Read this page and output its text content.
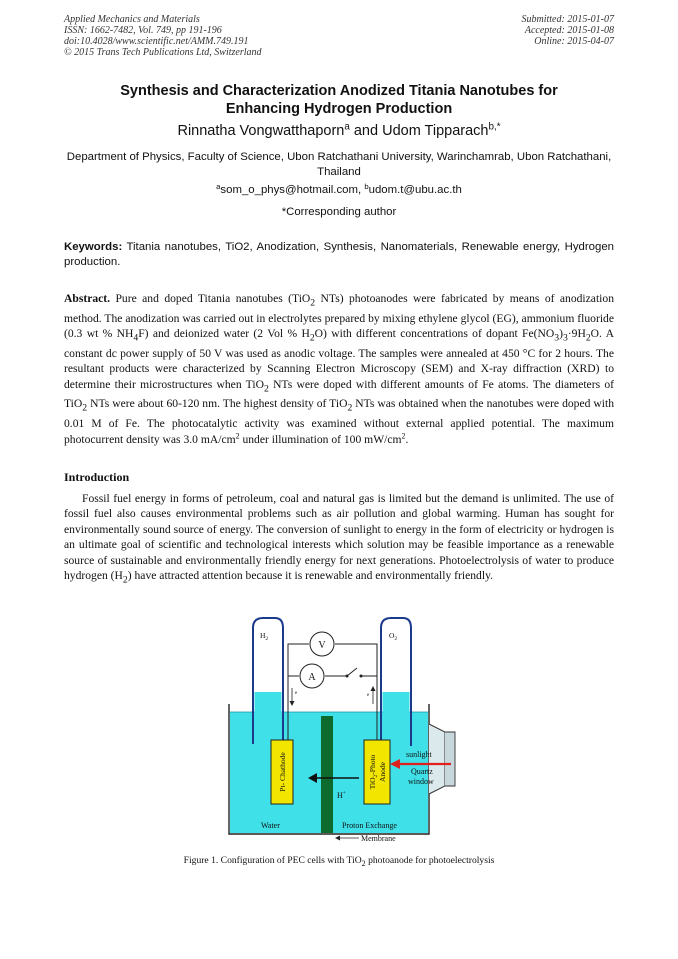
Applied Mechanics and Materials
ISSN: 1662-7482, Vol. 749, pp 191-196
doi:10.4028/www.scientific.net/AMM.749.191
© 2015 Trans Tech Publications Ltd, Switzerland
Submitted: 2015-01-07
Accepted: 2015-01-08
Online: 2015-04-07
Synthesis and Characterization Anodized Titania Nanotubes for
Enhancing Hydrogen Production
Rinnatha Vongwatthaporn$^a$ and Udom Tipparach$^{b,*}$
Department of Physics, Faculty of Science, Ubon Ratchathani University, Warinchamrab, Ubon Ratchathani, Thailand
$^a$som_o_phys@hotmail.com, $^b$udom.t@ubu.ac.th
*Corresponding author
Keywords: Titania nanotubes, TiO2, Anodization, Synthesis, Nanomaterials, Renewable energy, Hydrogen production.
Abstract. Pure and doped Titania nanotubes (TiO$_2$ NTs) photoanodes were fabricated by means of anodization method. The anodization was carried out in electrolytes prepared by mixing ethylene glycol (EG), ammonium fluoride (0.3 wt % $NH_4F$) and deionized water (2 Vol % $H_2O$) with different concentrations of dopant $Fe(NO_3)_3\cdot 9H_2O$. A constant dc power supply of 50 V was used as anodic voltage. The samples were annealed at 450 °C for 2 hours. The resultant products were characterized by Scanning Electron Microscopy (SEM) and X-ray diffraction (XRD) to determine their microstructures when TiO$_2$ NTs were doped with different amounts of Fe atoms. The diameters of TiO$_2$ NTs were about 60-120 nm. The highest density of TiO$_2$ NTs was obtained when the nanotubes were doped with 0.01 M of Fe. The photocatalytic activity was examined without external applied potential. The maximum photocurrent density was 3.0 $mA/cm^2$ under illumination of 100 $mW/cm^2$.
Introduction
Fossil fuel energy in forms of petroleum, coal and natural gas is limited but the demand is unlimited. The use of fossil fuel also causes environmental problems such as air pollution and global warming. Human has sought for environmentally sound source of energy. The conversion of sunlight to energy in the form of electricity or hydrogen is an ultimate goal of scientific and technological interests which solution may be feasible importance as a renewable source of sustainable and environmentally friendly energy for next generations. Photoelectrolysis of water to produce hydrogen $(H_2)$ have attracted attention because it is renewable and environmentally friendly.
$H_2$	$O_2$
V
A
e	e
Pt- Chathode	TiO$_2$-Photo Anode
H+
sunlight
Quartz
window
Water	Proton Exchange
Membrane
Figure 1. Configuration of PEC cells with TiO$_2$ photoanode for photoelectrolysis
